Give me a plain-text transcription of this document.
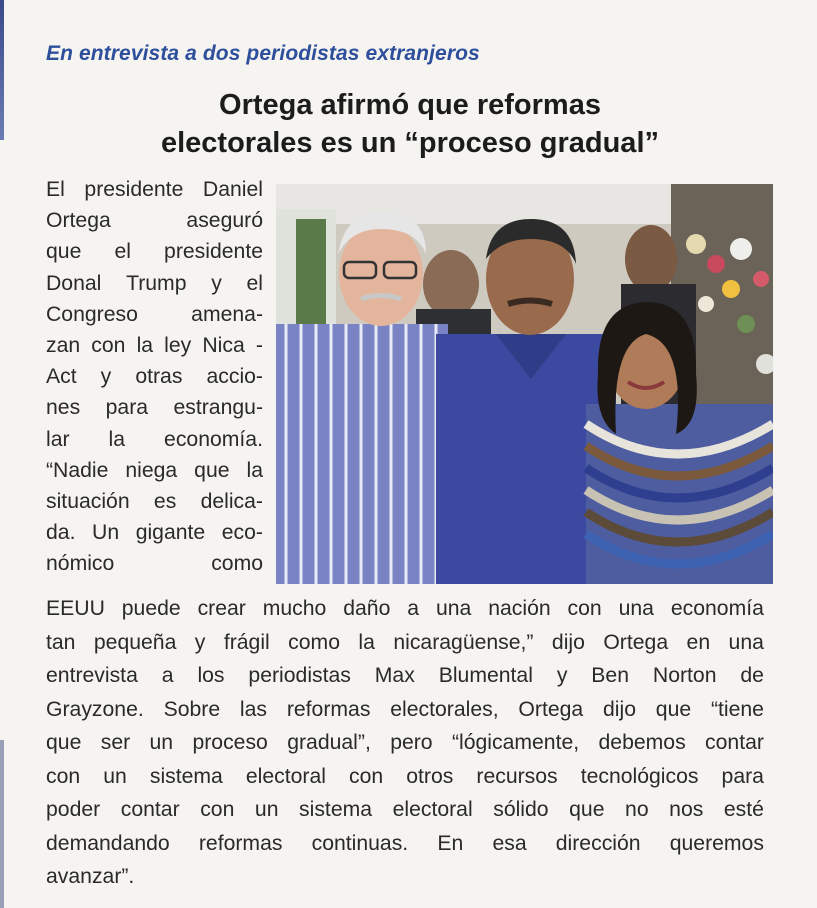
En entrevista a dos periodistas extranjeros
Ortega afirmó que reformas
electorales es un “proceso gradual”
El presidente Daniel
Ortega	aseguró
que el presidente
Donal Trump y el
Congreso	amena-
zan con la ley Nica -
Act y otras accio-
nes para estrangu-
lar la economía.
“Nadie niega que la
situación es delica-
da. Un gigante eco-
nómico	como
EEUU puede crear mucho daño a una nación con una economía
tan pequeña y frágil como la nicaragüense,” dijo Ortega en una
entrevista a los periodistas Max Blumental y Ben Norton de
Grayzone. Sobre las reformas electorales, Ortega dijo que “tiene
que ser un proceso gradual”, pero “lógicamente, debemos contar
con un sistema electoral con otros recursos tecnológicos para
poder contar con un sistema electoral sólido que no nos esté
demandando reformas continuas. En esa dirección queremos
avanzar”.
